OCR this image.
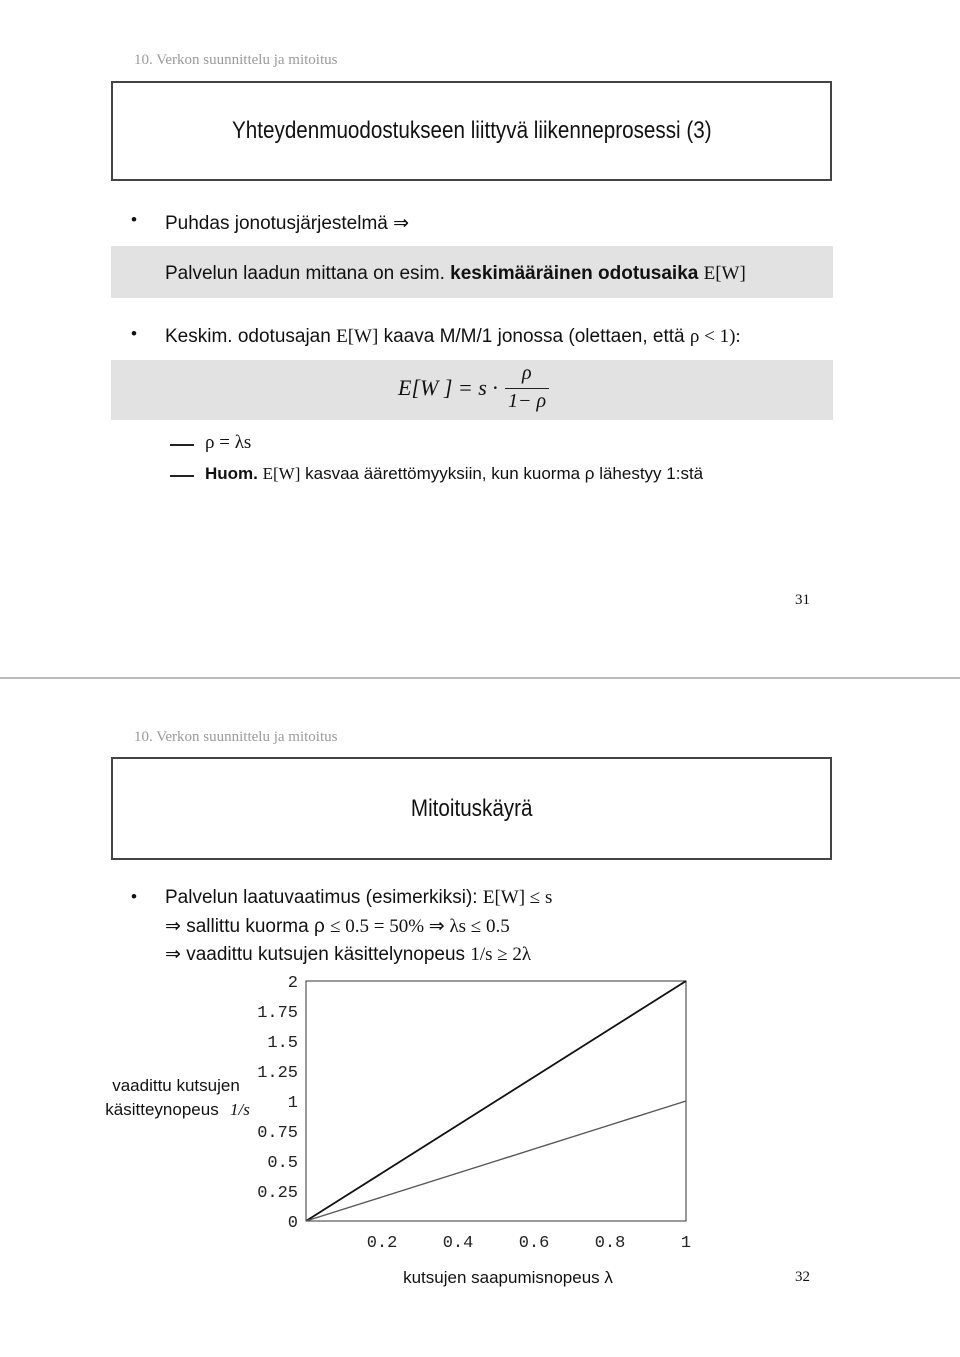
10. Verkon suunnittelu ja mitoitus
Yhteydenmuodostukseen liittyvä liikenneprosessi (3)
• Puhdas jonotusjärjestelmä ⇒
Palvelun laadun mittana on esim. keskimääräinen odotusaika E[W]
• Keskim. odotusajan E[W] kaava M/M/1 jonossa (olettaen, että ρ < 1):
E[W ] = s ·
ρ
1− ρ
ρ = λs
Huom. E[W] kasvaa äärettömyyksiin, kun kuorma ρ lähestyy 1:stä
31
10. Verkon suunnittelu ja mitoitus
Mitoituskäyrä
• Palvelun laatuvaatimus (esimerkiksi): E[W] ≤ s
⇒ sallittu kuorma ρ ≤ 0.5 = 50% ⇒ λs ≤ 0.5
⇒ vaadittu kutsujen käsittelynopeus 1/s ≥ 2λ
vaadittu kutsujen
käsitteynopeus 1/s
kutsujen saapumisnopeus λ
2
1.75
1.5
1.25
1
0.75
0.5
0.25
0
0.2	0.4	0.6	0.8	1
32
